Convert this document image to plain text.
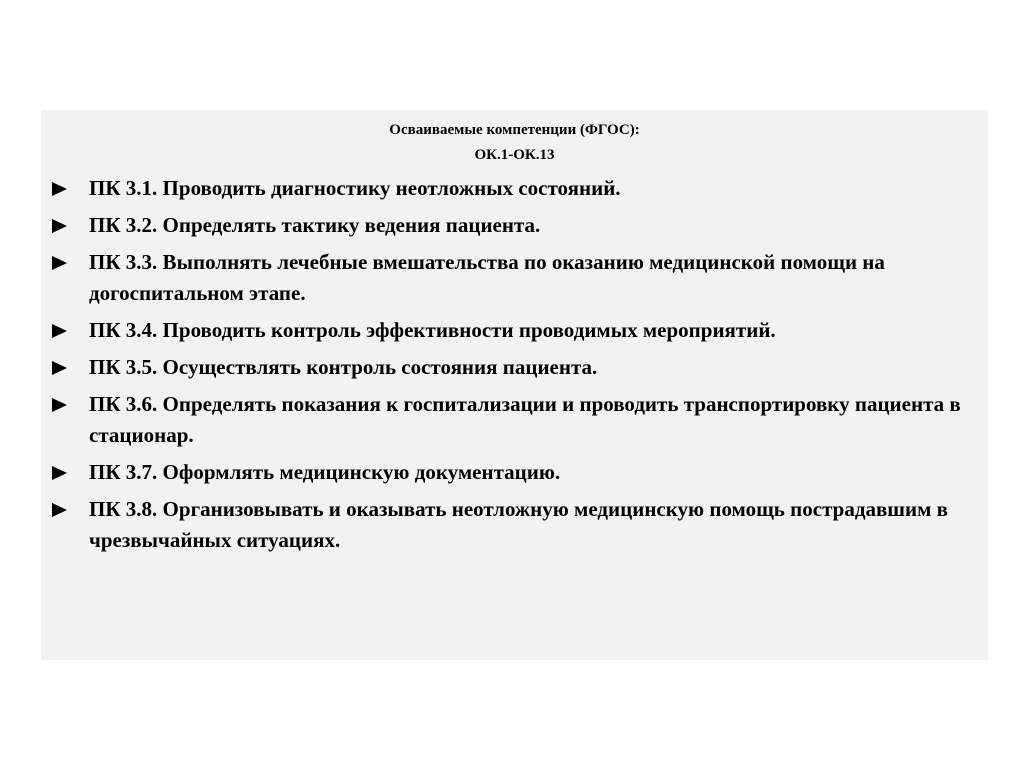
Осваиваемые компетенции (ФГОС):
ОК.1-ОК.13
ПК 3.1. Проводить диагностику неотложных состояний.
ПК 3.2. Определять тактику ведения пациента.
ПК 3.3. Выполнять лечебные вмешательства по оказанию медицинской помощи на догоспитальном этапе.
ПК 3.4. Проводить контроль эффективности проводимых мероприятий.
ПК 3.5. Осуществлять контроль состояния пациента.
ПК 3.6. Определять показания к госпитализации и проводить транспортировку пациента в стационар.
ПК 3.7. Оформлять медицинскую документацию.
ПК 3.8. Организовывать и оказывать неотложную медицинскую помощь пострадавшим в чрезвычайных ситуациях.
